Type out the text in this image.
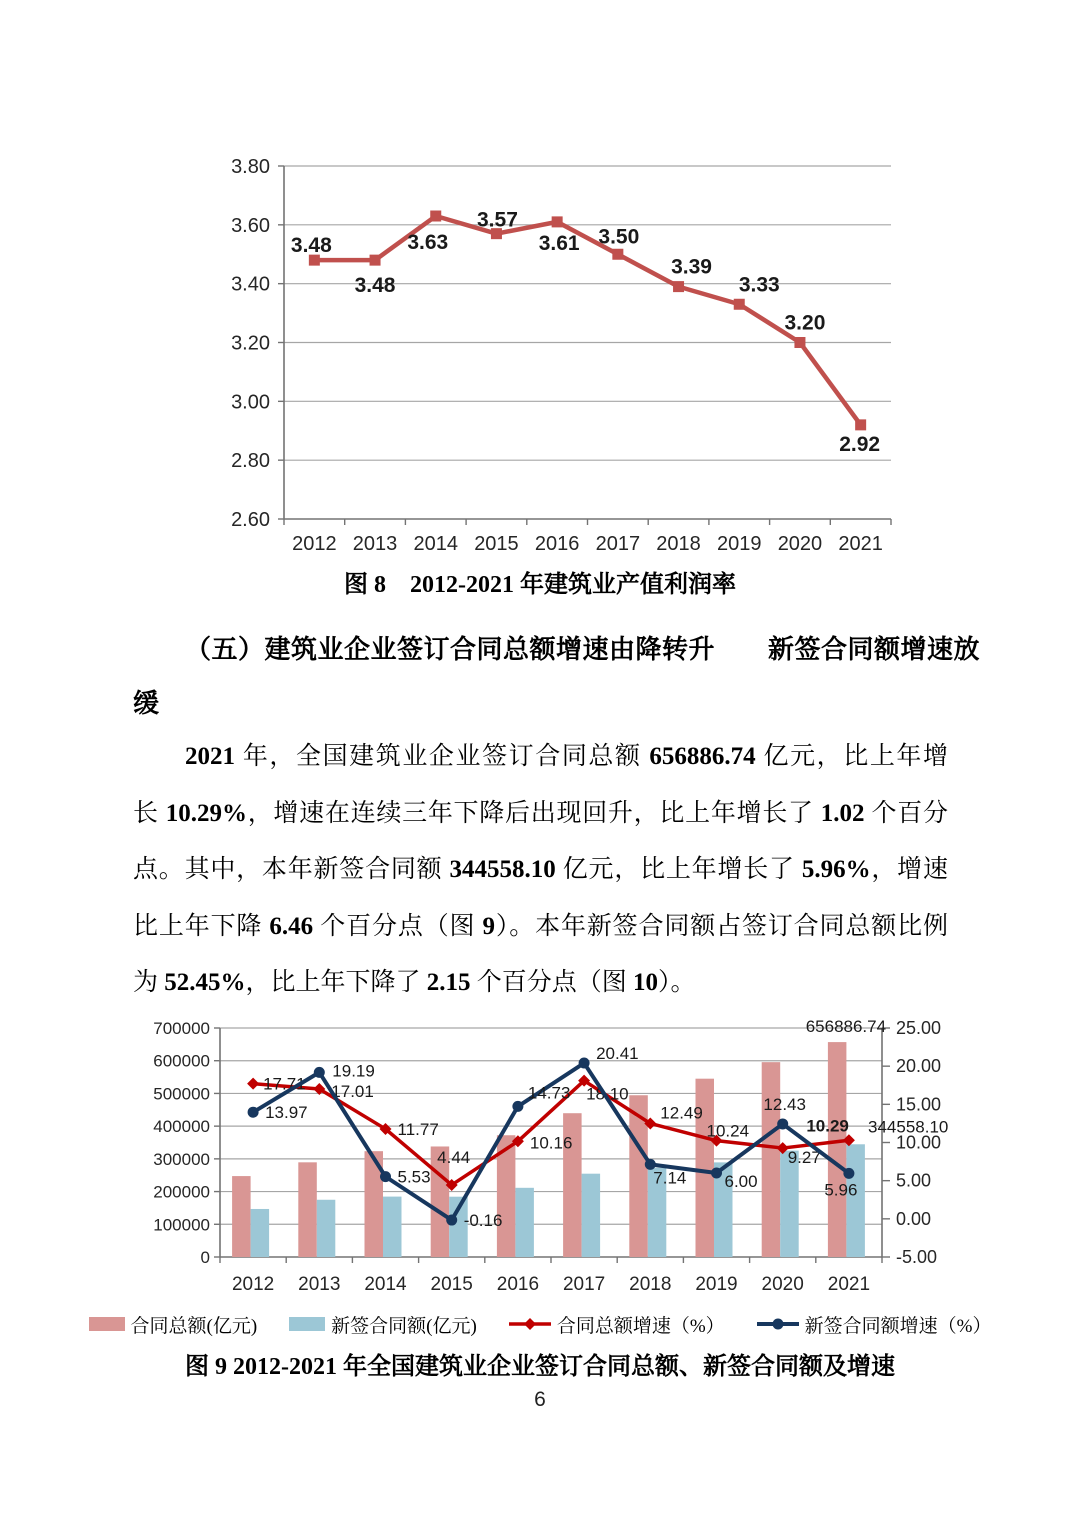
3.80
3.60
3.40
3.20
3.00
2.80
2.60
2012 2013 2014 2015 2016 2017 2018 2019 2020 2021
3.48
3.48
3.63
3.57
3.61 3.50
3.39
3.33
3.20
2.92
图 8　2012-2021 年建筑业产值利润率
（五）建筑业企业签订合同总额增速由降转升　　新签合同额增速放
缓
2021 年，全国建筑业企业签订合同总额 656886.74 亿元，比上年增
长 10.29%，增速在连续三年下降后出现回升，比上年增长了 1.02 个百分
点。其中，本年新签合同额 344558.10 亿元，比上年增长了 5.96%，增速
比上年下降 6.46 个百分点（图 9）。本年新签合同额占签订合同总额比例
为 52.45%，比上年下降了 2.15 个百分点（图 10）。
700000
600000
500000
400000
300000
200000
100000
0
25.00
20.00
15.00
10.00
5.00
0.00
-5.00
2012 2013 2014 2015 2016 2017 2018 2019 2020 2021
17.71 17.01
11.77
4.44
10.16
18.10
12.49
10.24
9.27
10.29
13.97
19.19
5.53
-0.16
14.73
20.41
7.14 6.00
12.43
5.96
656886.74
344558.10
合同总额(亿元)	新签合同额(亿元)	合同总额增速（%）	新签合同额增速（%）
图 9 2012-2021 年全国建筑业企业签订合同总额、新签合同额及增速
6
